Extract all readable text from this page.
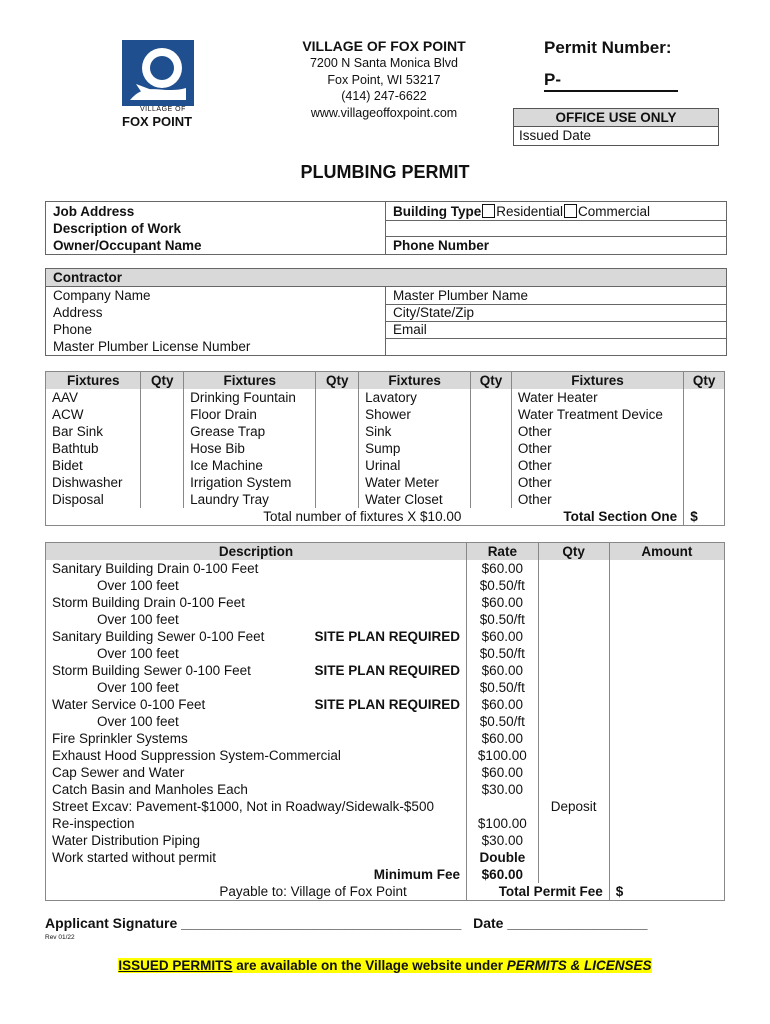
VILLAGE OF
FOX POINT
VILLAGE OF FOX POINT
7200 N Santa Monica Blvd
Fox Point, WI 53217
(414) 247-6622
www.villageoffoxpoint.com
Permit Number:
P-
OFFICE USE ONLY
Issued Date
PLUMBING PERMIT
Job Address
Description of Work
Owner/Occupant Name
Building Type Residential Commercial
Phone Number
Contractor
Company Name
Address
Phone
Master Plumber License Number
Master Plumber Name
City/State/Zip
Email
Fixtures	Qty	Fixtures	Qty	Fixtures	Qty	Fixtures	Qty
AAV		Drinking Fountain		Lavatory		Water Heater	
ACW		Floor Drain		Shower		Water Treatment Device	
Bar Sink		Grease Trap		Sink		Other	
Bathtub		Hose Bib		Sump		Other	
Bidet		Ice Machine		Urinal		Other	
Dishwasher		Irrigation System		Water Meter		Other	
Disposal		Laundry Tray		Water Closet		Other	
Total number of fixtures X $10.00						Total Section One	$
Description	Rate	Qty	Amount
Sanitary Building Drain 0-100 Feet	$60.00		
Over 100 feet	$0.50/ft		
Storm Building Drain 0-100 Feet	$60.00		
Over 100 feet	$0.50/ft		
Sanitary Building Sewer 0-100 Feet SITE PLAN REQUIRED	$60.00		
Over 100 feet	$0.50/ft		
Storm Building Sewer 0-100 Feet SITE PLAN REQUIRED	$60.00		
Over 100 feet	$0.50/ft		
Water Service 0-100 Feet SITE PLAN REQUIRED	$60.00		
Over 100 feet	$0.50/ft		
Fire Sprinkler Systems	$60.00		
Exhaust Hood Suppression System-Commercial	$100.00		
Cap Sewer and Water	$60.00		
Catch Basin and Manholes Each	$30.00		
Street Excav: Pavement-$1000, Not in Roadway/Sidewalk-$500		Deposit	
Re-inspection	$100.00		
Water Distribution Piping	$30.00		
Work started without permit	Double		
Minimum Fee	$60.00		
Payable to: Village of Fox Point	Total Permit Fee		$
Applicant Signature ____________________________________ Date __________________
Rev 01/22
ISSUED PERMITS are available on the Village website under PERMITS & LICENSES
